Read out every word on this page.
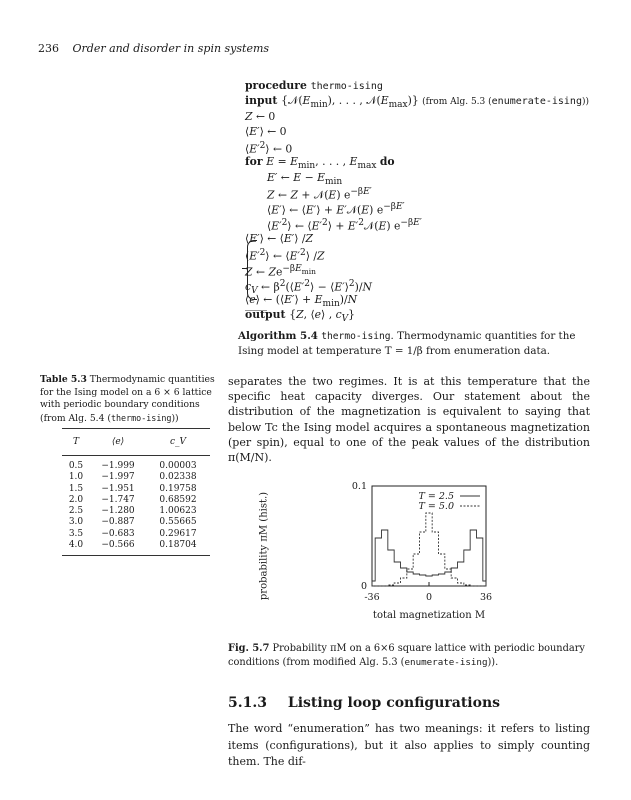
236 Order and disorder in spin systems
procedure thermo-ising
input {$𝒩(E_{min})$, . . . , $𝒩(E_{max})$} (from Alg. 5.3 (enumerate-ising))
Z ← 0
⟨E′⟩ ← 0
$⟨E'^2⟩$ ← 0
for $E = E_{min}$, . . . , $E_{max}$ do
E′ ← $E - E_{min}$
Z ← Z + 𝒩(E) $e^{-\beta E'}$
⟨E′⟩ ← ⟨E′⟩ + E′𝒩(E) $e^{-\beta E'}$
$⟨E'^2⟩$ ← $⟨E'^2⟩$ + $E'^2𝒩(E)$ $e^{-\beta E'}$
⟨E′⟩ ← ⟨E′⟩ /Z
$⟨E'^2⟩$ ← $⟨E'^2⟩$ /Z
Z ← $Ze^{-\beta E_{min}}$
$c_V$ ← $\beta^2(⟨E'^2⟩$ − ⟨E′⟩$^2$)/N
⟨e⟩ ← (⟨E′⟩ + $E_{min})/N$
output {Z, ⟨e⟩ , $c_V$}
Algorithm 5.4 thermo-ising. Thermodynamic quantities for the Ising model at temperature T = 1/β from enumeration data.
Table 5.3 Thermodynamic quantities for the Ising model on a 6 × 6 lattice with periodic boundary conditions (from Alg. 5.4 (thermo-ising))
T	⟨e⟩	c_V
0.5	−1.999	0.00003
1.0	−1.997	0.02338
1.5	−1.951	0.19758
2.0	−1.747	0.68592
2.5	−1.280	1.00623
3.0	−0.887	0.55665
3.5	−0.683	0.29617
4.0	−0.566	0.18704
separates the two regimes. It is at this temperature that the specific heat capacity diverges. Our statement about the distribution of the magnetization is equivalent to saying that below Tc the Ising model acquires a spontaneous magnetization (per spin), equal to one of the peak values of the distribution π(M/N).
probability πM (hist.)	-36	0	36
0
0.1
total magnetization M
T = 2.5
T = 5.0
Fig. 5.7 Probability πM on a 6×6 square lattice with periodic boundary conditions (from modified Alg. 5.3 (enumerate-ising)).
5.1.3 Listing loop configurations
The word “enumeration” has two meanings: it refers to listing items (configurations), but it also applies to simply counting them. The dif-
